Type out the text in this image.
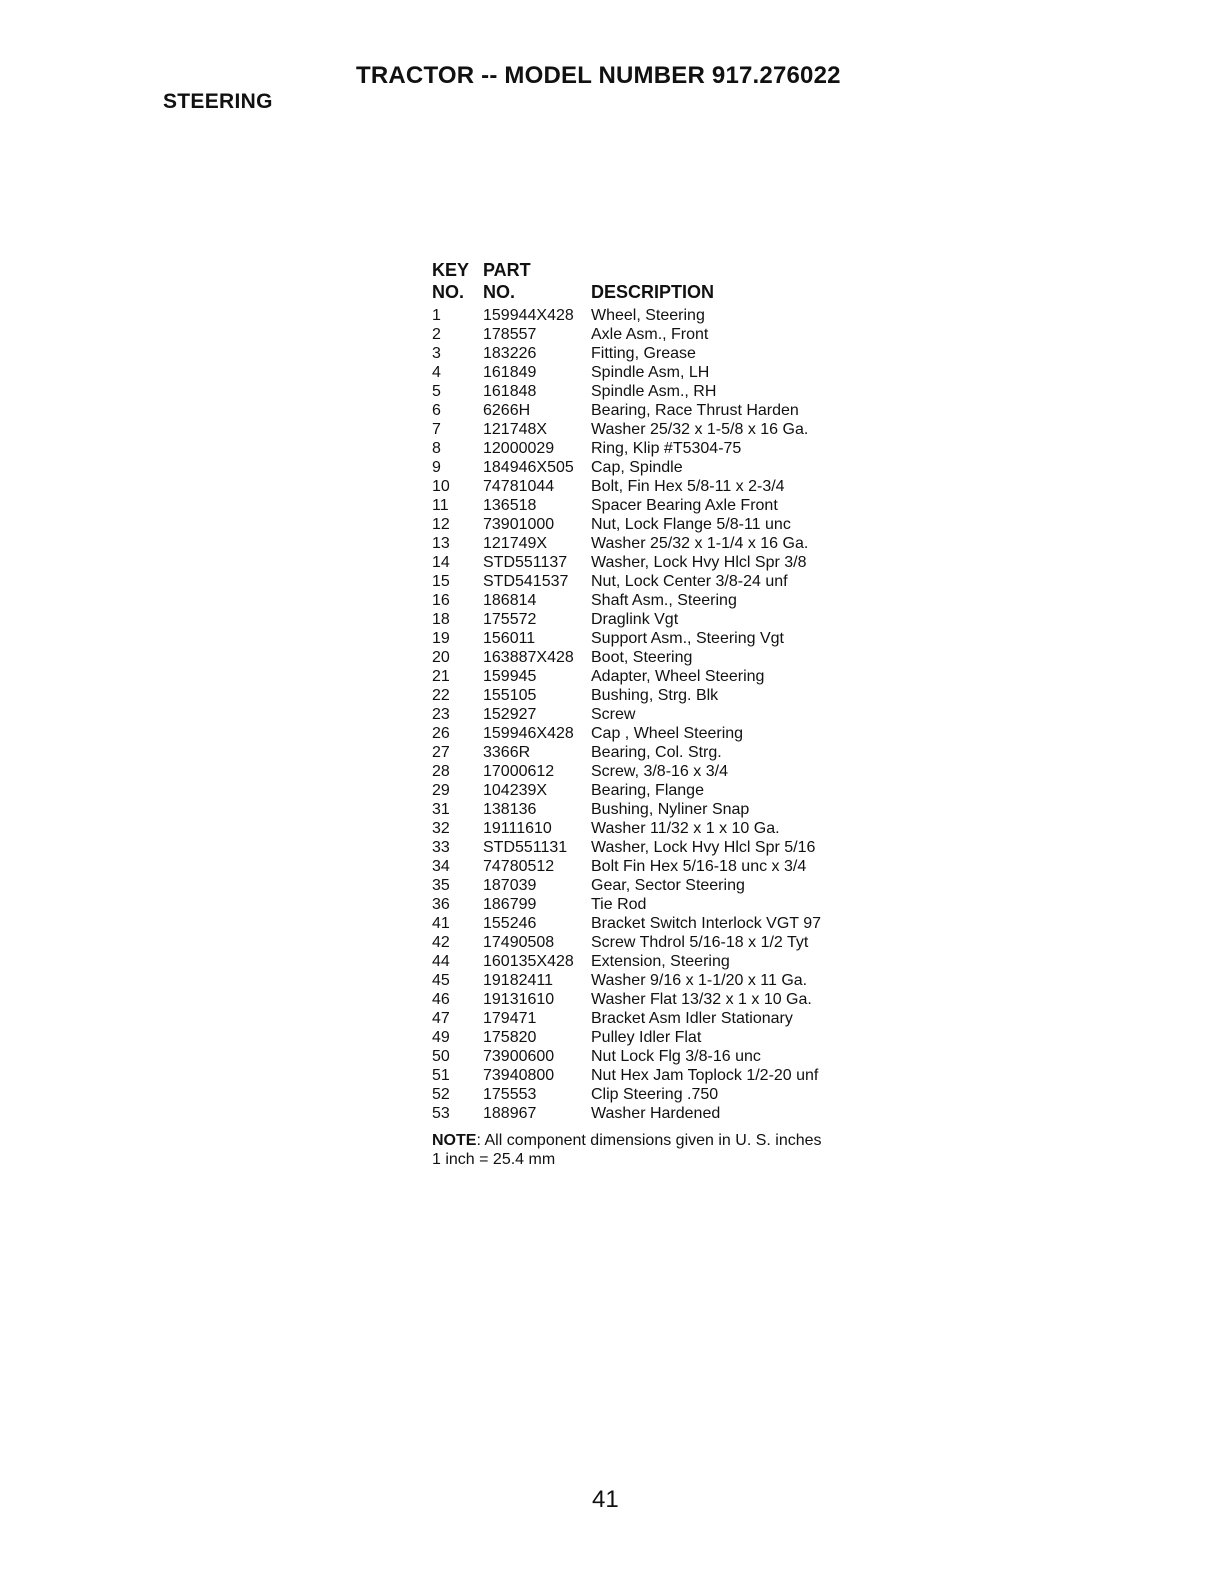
TRACTOR -- MODEL NUMBER 917.276022
STEERING
KEY PART
NO. NO.	DESCRIPTION
1	159944X428 Wheel, Steering
2	178557	Axle Asm., Front
3	183226	Fitting, Grease
4	161849	Spindle Asm, LH
5	161848	Spindle Asm., RH
6	6266H	Bearing, Race Thrust Harden
7	121748X	Washer 25/32 x 1-5/8 x 16 Ga.
8	12000029 Ring, Klip #T5304-75
9	184946X505 Cap, Spindle
10 74781044 Bolt, Fin Hex 5/8-11 x 2-3/4
11 136518	Spacer Bearing Axle Front
12 73901000 Nut, Lock Flange 5/8-11 unc
13 121749X	Washer 25/32 x 1-1/4 x 16 Ga.
14 STD551137 Washer, Lock Hvy Hlcl Spr 3/8
15 STD541537 Nut, Lock Center 3/8-24 unf
16 186814	Shaft Asm., Steering
18 175572	Draglink Vgt
19 156011	Support Asm., Steering Vgt
20 163887X428 Boot, Steering
21 159945	Adapter, Wheel Steering
22 155105	Bushing, Strg. Blk
23 152927	Screw
26 159946X428 Cap , Wheel Steering
27 3366R	Bearing, Col. Strg.
28 17000612 Screw, 3/8-16 x 3/4
29 104239X	Bearing, Flange
31 138136	Bushing, Nyliner Snap
32 19111610 Washer 11/32 x 1 x 10 Ga.
33 STD551131 Washer, Lock Hvy Hlcl Spr 5/16
34 74780512 Bolt Fin Hex 5/16-18 unc x 3/4
35 187039	Gear, Sector Steering
36 186799	Tie Rod
41 155246	Bracket Switch Interlock VGT 97
42 17490508 Screw Thdrol 5/16-18 x 1/2 Tyt
44 160135X428 Extension, Steering
45 19182411 Washer 9/16 x 1-1/20 x 11 Ga.
46 19131610 Washer Flat 13/32 x 1 x 10 Ga.
47 179471	Bracket Asm Idler Stationary
49 175820	Pulley Idler Flat
50 73900600 Nut Lock Flg 3/8-16 unc
51 73940800 Nut Hex Jam Toplock 1/2-20 unf
52 175553	Clip Steering .750
53 188967	Washer Hardened
NOTE: All component dimensions given in U. S. inches 1 inch = 25.4 mm
41
